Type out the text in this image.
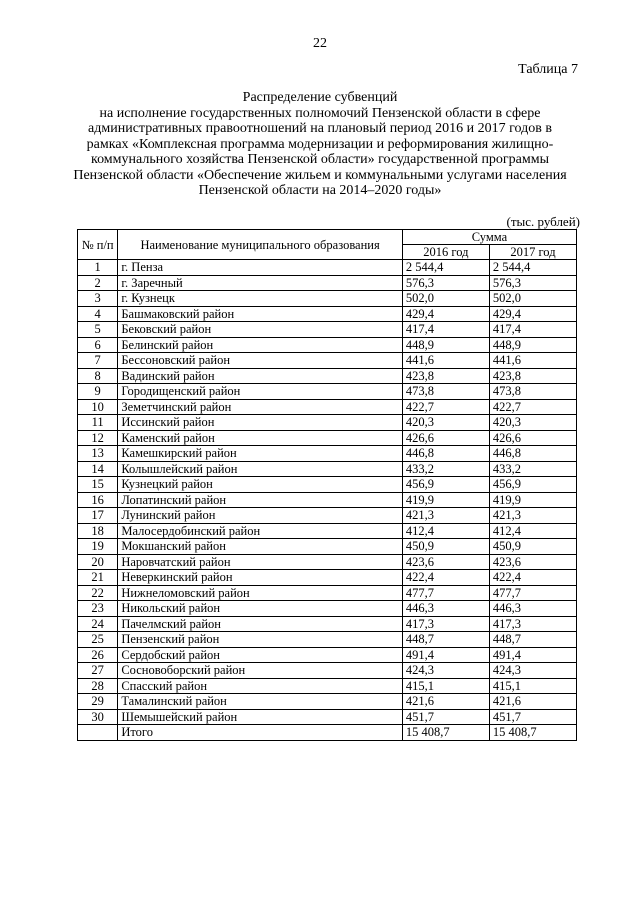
22
Таблица 7
Распределение субвенций
на исполнение государственных полномочий Пензенской области в сфере административных правоотношений на плановый период 2016 и 2017 годов в рамках «Комплексная программа модернизации и реформирования жилищно-коммунального хозяйства Пензенской области» государственной программы Пензенской области «Обеспечение жильем и коммунальными услугами населения Пензенской области на 2014–2020 годы»
(тыс. рублей)
№ п/п	Наименование муниципального образования	Сумма	
		2016 год	2017 год
1	г. Пенза	2 544,4	2 544,4
2	г. Заречный	576,3	576,3
3	г. Кузнецк	502,0	502,0
4	Башмаковский район	429,4	429,4
5	Бековский район	417,4	417,4
6	Белинский район	448,9	448,9
7	Бессоновский район	441,6	441,6
8	Вадинский район	423,8	423,8
9	Городищенский район	473,8	473,8
10	Земетчинский район	422,7	422,7
11	Иссинский район	420,3	420,3
12	Каменский район	426,6	426,6
13	Камешкирский район	446,8	446,8
14	Колышлейский район	433,2	433,2
15	Кузнецкий район	456,9	456,9
16	Лопатинский район	419,9	419,9
17	Лунинский район	421,3	421,3
18	Малосердобинский район	412,4	412,4
19	Мокшанский район	450,9	450,9
20	Наровчатский район	423,6	423,6
21	Неверкинский район	422,4	422,4
22	Нижнеломовский район	477,7	477,7
23	Никольский район	446,3	446,3
24	Пачелмский район	417,3	417,3
25	Пензенский район	448,7	448,7
26	Сердобский район	491,4	491,4
27	Сосновоборский район	424,3	424,3
28	Спасский район	415,1	415,1
29	Тамалинский район	421,6	421,6
30	Шемышейский район	451,7	451,7
	Итого	15 408,7	15 408,7
